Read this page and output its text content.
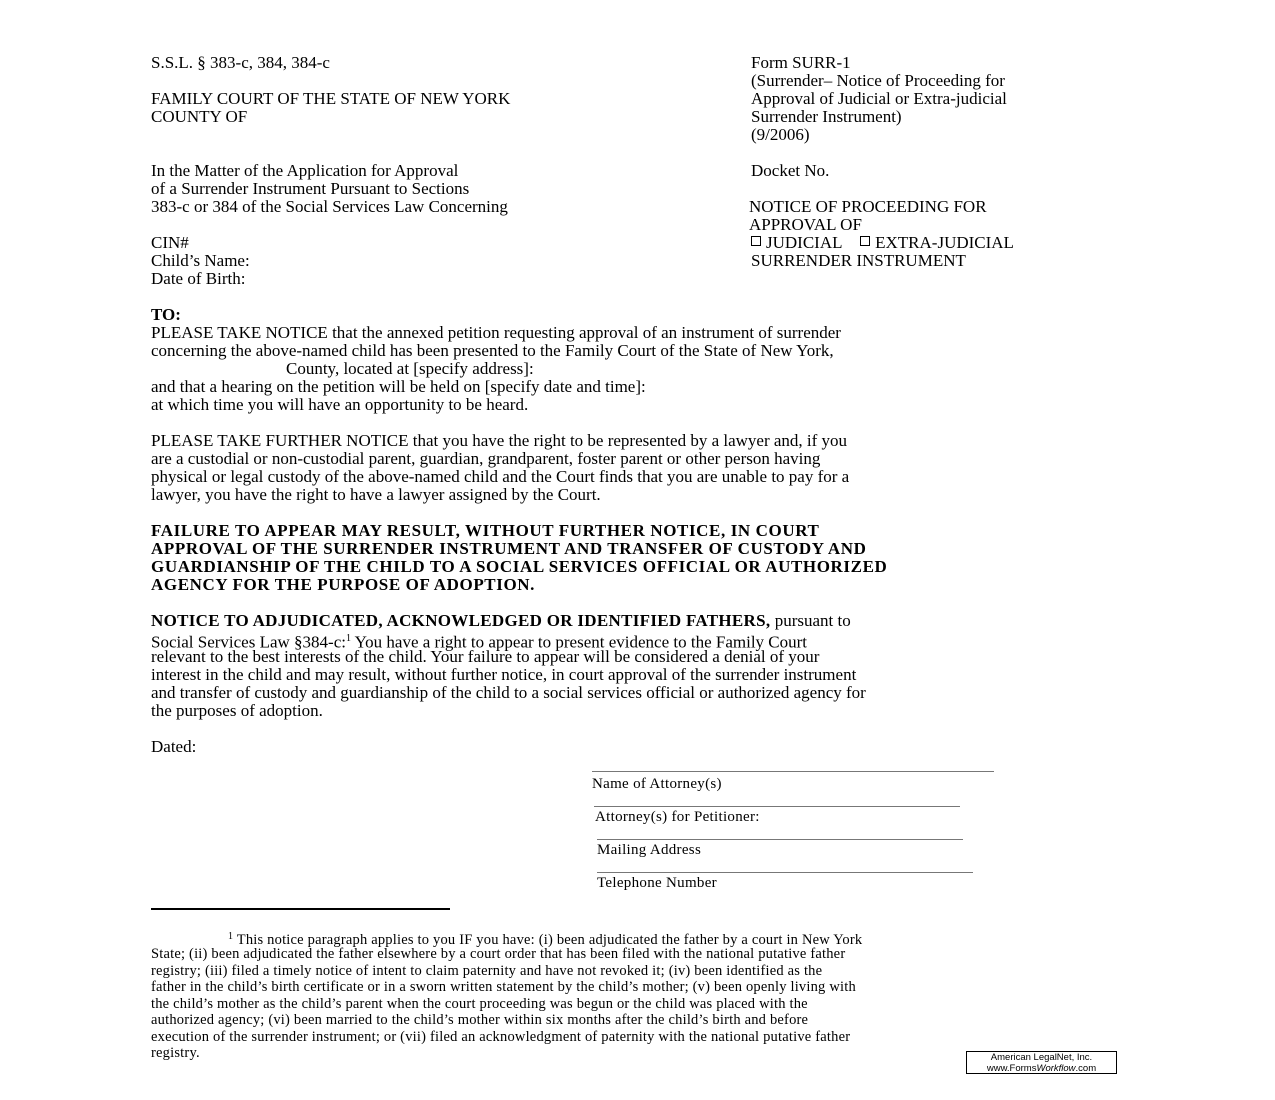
S.S.L. § 383-c, 384, 384-c
FAMILY COURT OF THE STATE OF NEW YORK
COUNTY OF
Form SURR-1
(Surrender– Notice of Proceeding for
Approval of Judicial or Extra-judicial
Surrender Instrument)
(9/2006)
In the Matter of the Application for Approval
of a Surrender Instrument Pursuant to Sections
383-c or 384 of the Social Services Law Concerning
CIN#
Child’s Name:
Date of Birth:
Docket No.
NOTICE OF PROCEEDING FOR
APPROVAL OF
JUDICIAL EXTRA-JUDICIAL
SURRENDER INSTRUMENT
TO:
PLEASE TAKE NOTICE that the annexed petition requesting approval of an instrument of surrender
concerning the above-named child has been presented to the Family Court of the State of New York,
County, located at [specify address]:
and that a hearing on the petition will be held on [specify date and time]:
at which time you will have an opportunity to be heard.
PLEASE TAKE FURTHER NOTICE that you have the right to be represented by a lawyer and, if you
are a custodial or non-custodial parent, guardian, grandparent, foster parent or other person having
physical or legal custody of the above-named child and the Court finds that you are unable to pay for a
lawyer, you have the right to have a lawyer assigned by the Court.
FAILURE TO APPEAR MAY RESULT, WITHOUT FURTHER NOTICE, IN COURT
APPROVAL OF THE SURRENDER INSTRUMENT AND TRANSFER OF CUSTODY AND
GUARDIANSHIP OF THE CHILD TO A SOCIAL SERVICES OFFICIAL OR AUTHORIZED
AGENCY FOR THE PURPOSE OF ADOPTION.
NOTICE TO ADJUDICATED, ACKNOWLEDGED OR IDENTIFIED FATHERS, pursuant to
Social Services Law §384-c:$^1$ You have a right to appear to present evidence to the Family Court
relevant to the best interests of the child. Your failure to appear will be considered a denial of your
interest in the child and may result, without further notice, in court approval of the surrender instrument
and transfer of custody and guardianship of the child to a social services official or authorized agency for
the purposes of adoption.
Dated:
Name of Attorney(s)
Attorney(s) for Petitioner:
Mailing Address
Telephone Number
$^1$ This notice paragraph applies to you IF you have: (i) been adjudicated the father by a court in New York
State; (ii) been adjudicated the father elsewhere by a court order that has been filed with the national putative father
registry; (iii) filed a timely notice of intent to claim paternity and have not revoked it; (iv) been identified as the
father in the child’s birth certificate or in a sworn written statement by the child’s mother; (v) been openly living with
the child’s mother as the child’s parent when the court proceeding was begun or the child was placed with the
authorized agency; (vi) been married to the child’s mother within six months after the child’s birth and before
execution of the surrender instrument; or (vii) filed an acknowledgment of paternity with the national putative father
registry.	American LegalNet, Inc.
www.FormsWorkflow.com
